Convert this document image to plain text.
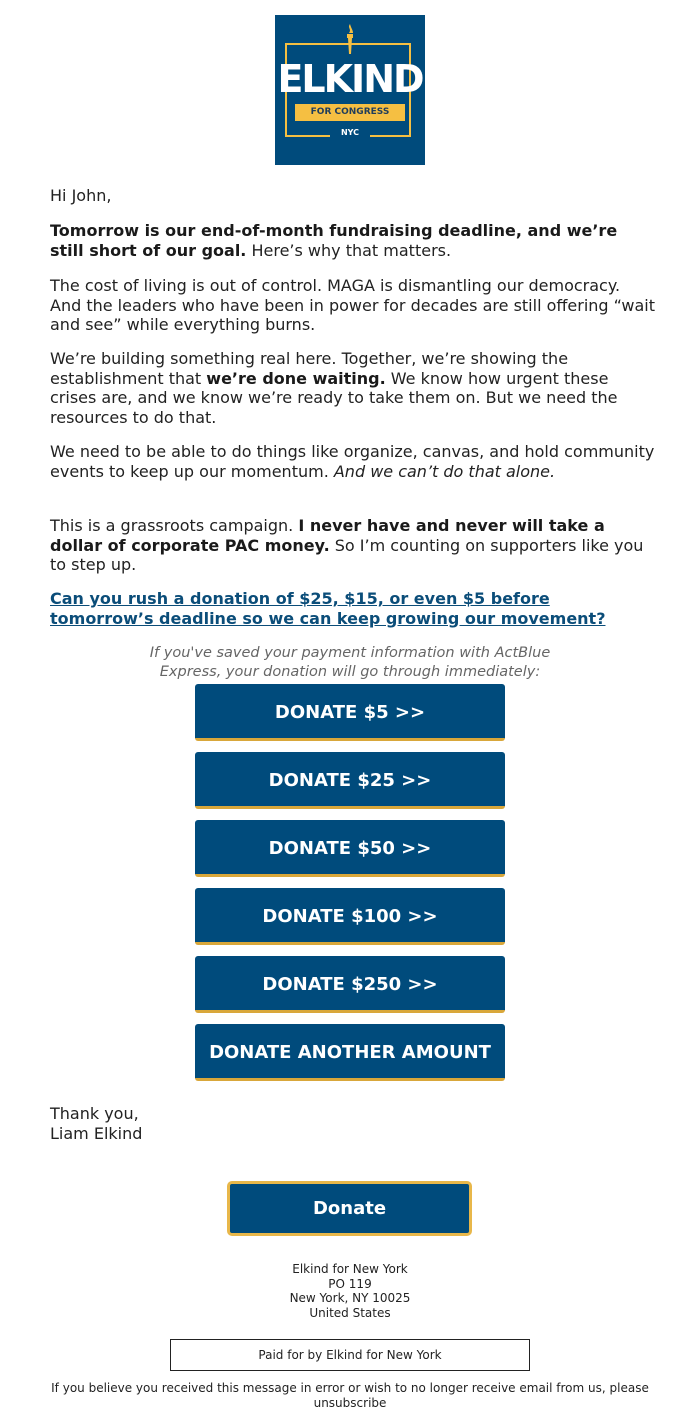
ELKIND
FOR CONGRESS
NYC

Hi John,

Tomorrow is our end-of-month fundraising deadline, and we’re still short of our goal. Here’s why that matters.

The cost of living is out of control. MAGA is dismantling our democracy. And the leaders who have been in power for decades are still offering “wait and see” while everything burns.

We’re building something real here. Together, we’re showing the establishment that we’re done waiting. We know how urgent these crises are, and we know we’re ready to take them on. But we need the resources to do that.

We need to be able to do things like organize, canvas, and hold community events to keep up our momentum. And we can’t do that alone.

This is a grassroots campaign. I never have and never will take a dollar of corporate PAC money. So I’m counting on supporters like you to step up.

Can you rush a donation of $25, $15, or even $5 before tomorrow’s deadline so we can keep growing our movement?

If you've saved your payment information with ActBlue Express, your donation will go through immediately:
DONATE $5 >>
DONATE $25 >>
DONATE $50 >>
DONATE $100 >>
DONATE $250 >>
DONATE ANOTHER AMOUNT
Thank you,
Liam Elkind
Donate
Elkind for New York
PO 119
New York, NY 10025
United States
Paid for by Elkind for New York
If you believe you received this message in error or wish to no longer receive email from us, please unsubscribe
